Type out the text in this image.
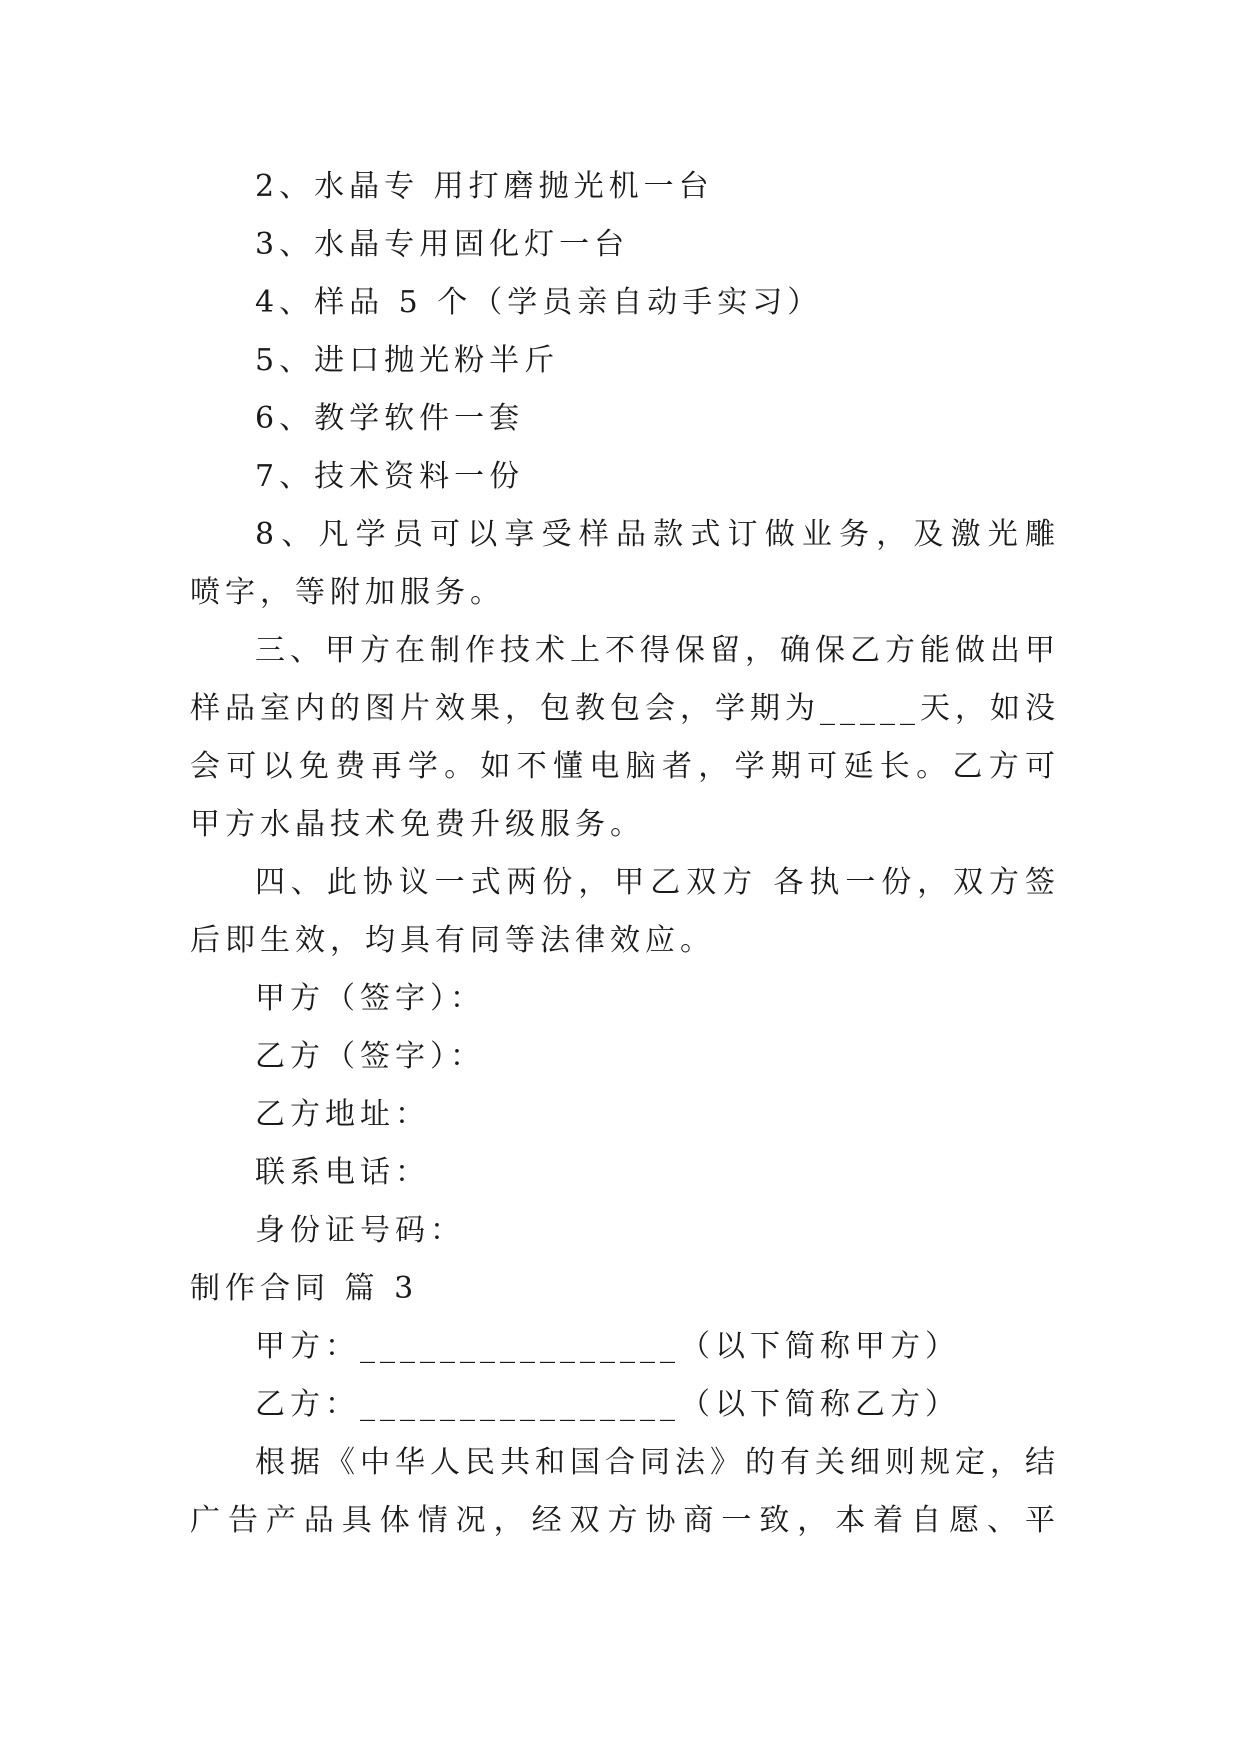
2、水晶专 用打磨抛光机一台
3、水晶专用固化灯一台
4、样品 5 个（学员亲自动手实习）
5、进口抛光粉半斤
6、教学软件一套
7、技术资料一份
8、凡学员可以享受样品款式订做业务，及激光雕
喷字，等附加服务。
三、甲方在制作技术上不得保留，确保乙方能做出甲
样品室内的图片效果，包教包会，学期为_____天，如没
会可以免费再学。如不懂电脑者，学期可延长。乙方可
甲方水晶技术免费升级服务。
四、此协议一式两份，甲乙双方 各执一份，双方签
后即生效，均具有同等法律效应。
甲方（签字）：
乙方（签字）：
乙方地址：
联系电话：
身份证号码：
制作合同 篇 3
甲方：________________（以下简称甲方）
乙方：________________（以下简称乙方）
根据《中华人民共和国合同法》的有关细则规定，结
广告产品具体情况，经双方协商一致，本着自愿、平
